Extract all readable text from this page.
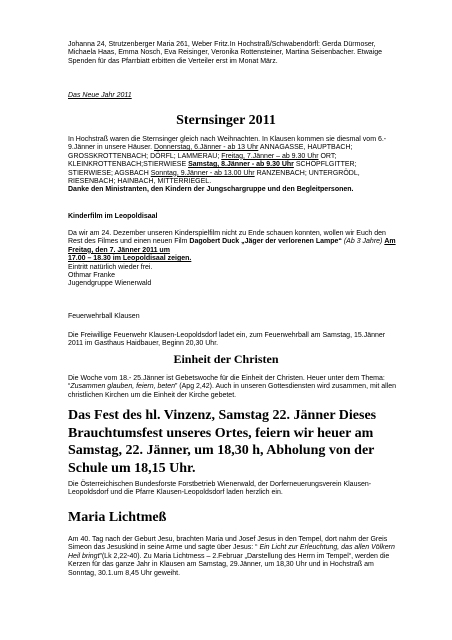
Johanna 24, Strutzenberger Maria 261, Weber Fritz.In Hochstraß/Schwabendörfl: Gerda Dürmoser, Michaela Haas, Emma Nosch, Eva Reisinger, Veronika Rottensteiner, Martina Seisenbacher. Etwaige Spenden für das Pfarrbiatt erbitten die Verteiler erst im Monat März.

Das Neue Jahr 2011

Sternsinger 2011

In Hochstraß waren die Sternsinger gleich nach Weihnachten. In Klausen kommen sie diesmal vom 6.- 9.Jänner in unsere Häuser. Donnerstag, 6.Jänner - ab 13 Uhr ANNAGASSE, HAUPTBACH; GROSSKROTTENBACH; DÖRFL; LAMMERAU; Freitag, 7.Jänner – ab 9.30 Uhr ORT; KLEINKROTTENBACH;STIERWIESE Samstag, 8.Jänner - ab 9.30 Uhr SCHÖPFLGITTER; STIERWIESE; AGSBACH Sonntag, 9.Jänner - ab 13.00 Uhr RANZENBACH; UNTERGRÖDL, RIESENBACH; HAINBACH, MITTERRIEGEL.
Danke den Ministranten, den Kindern der Jungschargruppe und den Begleitpersonen.

Kinderfilm im Leopoldisaal

Da wir am 24. Dezember unseren Kinderspielfilm nicht zu Ende schauen konnten, wollen wir Euch den Rest des Filmes und einen neuen Film Dagobert Duck „Jäger der verlorenen Lampe“ (Ab 3 Jahre) Am Freitag, den 7. Jänner 2011 um
17.00 – 18.30 im Leopoldisaal zeigen.
Eintritt natürlich wieder frei.
Othmar Franke
Jugendgruppe Wienerwald

Feuerwehrball Klausen

Die Freiwillige Feuerwehr Klausen-Leopoldsdorf ladet ein, zum Feuerwehrball am Samstag, 15.Jänner 2011 im Gasthaus Haidbauer, Beginn 20,30 Uhr.

Einheit der Christen

Die Woche vom 18.- 25.Jänner ist Gebetswoche für die Einheit der Christen. Heuer unter dem Thema: “Zusammen glauben, feiern, beten” (Apg 2,42). Auch in unseren Gottesdiensten wird zusammen, mit allen christlichen Kirchen um die Einheit der Kirche gebetet.

Das Fest des hl. Vinzenz, Samstag 22. Jänner Dieses Brauchtumsfest unseres Ortes, feiern wir heuer am Samstag, 22. Jänner, um 18,30 h, Abholung von der Schule um 18,15 Uhr.

Die Österreichischen Bundesforste Forstbetrieb Wienerwald, der Dorferneuerungsverein Klausen-Leopoldsdorf und die Pfarre Klausen-Leopoldsdorf laden herzlich ein.

Maria Lichtmeß

Am 40. Tag nach der Geburt Jesu, brachten Maria und Josef Jesus in den Tempel, dort nahm der Greis Simeon das Jesuskind in seine Arme und sagte über Jesus: “ Ein Licht zur Erleuchtung, das allen Völkern Heil bringt”(Lk 2,22-40). Zu Maria Lichtmess – 2.Februar „Darstellung des Herrn im Tempel“, werden die Kerzen für das ganze Jahr in Klausen am Samstag, 29.Jänner, um 18,30 Uhr und in Hochstraß am Sonntag, 30.1.um 8,45 Uhr geweiht.
